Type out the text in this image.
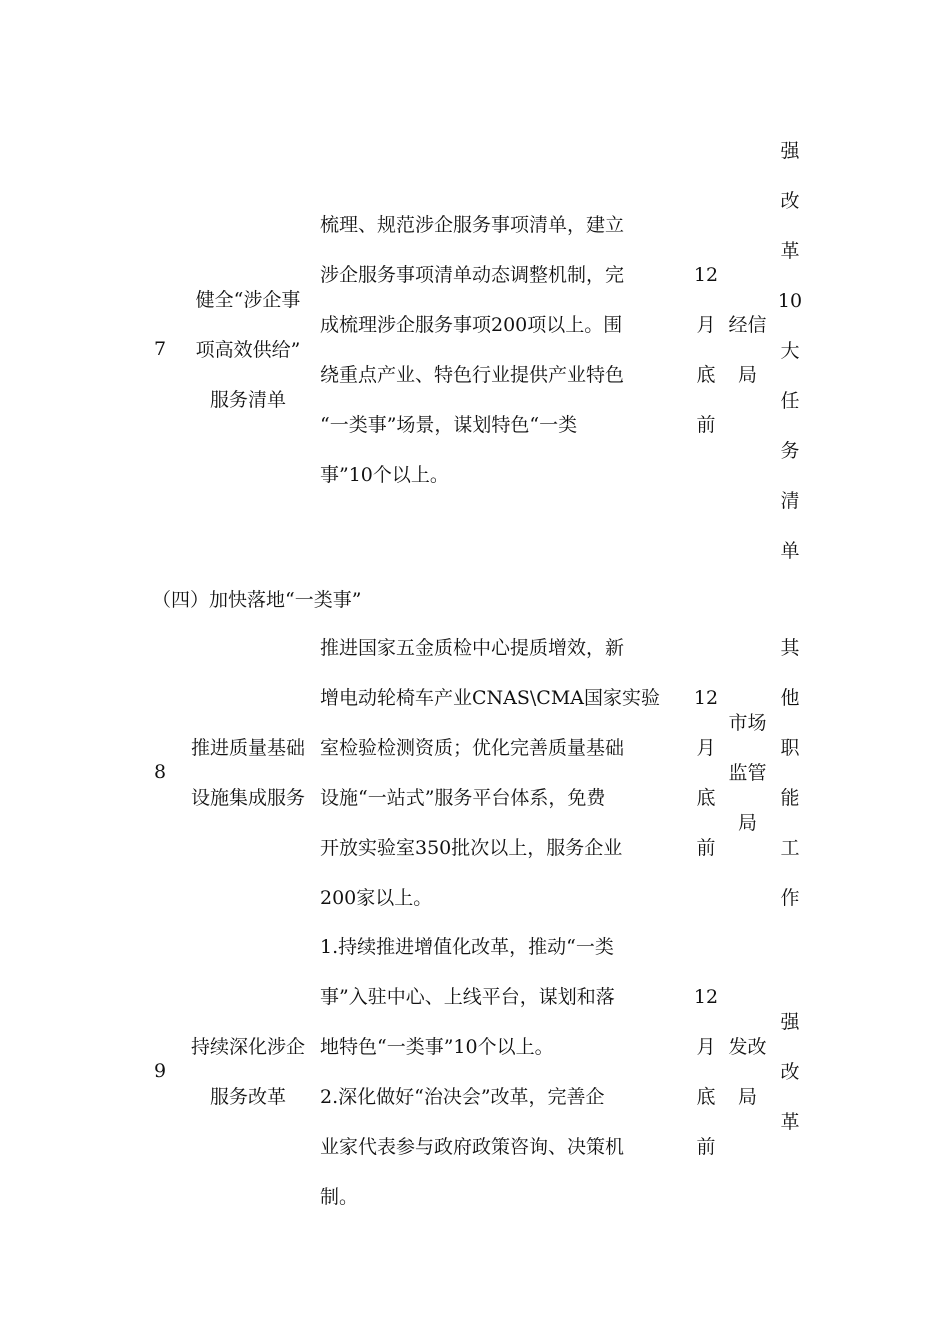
7
健全“涉企事
项高效供给”
服务清单

梳理、规范涉企服务事项清单，建立

涉企服务事项清单动态调整机制，完

成梳理涉企服务事项200项以上。围

绕重点产业、特色行业提供产业特色

“一类事”场景，谋划特色“一类

事”10个以上。

12
月
底
前
经信
局
强
改
革
10
大
任
务
清
单
（四）加快落地“一类事”
8
推进质量基础
设施集成服务

推进国家五金质检中心提质增效，新

增电动轮椅车产业CNAS\CMA国家实验

室检验检测资质；优化完善质量基础

设施“一站式”服务平台体系，免费

开放实验室350批次以上，服务企业

200家以上。

12
月
底
前
市场
监管
局
其
他
职
能
工
作
9
持续深化涉企
服务改革

1.持续推进增值化改革，推动“一类

事”入驻中心、上线平台，谋划和落

地特色“一类事”10个以上。

2.深化做好“治决会”改革，完善企

业家代表参与政府政策咨询、决策机

制。

12
月
底
前
发改
局
强
改
革
